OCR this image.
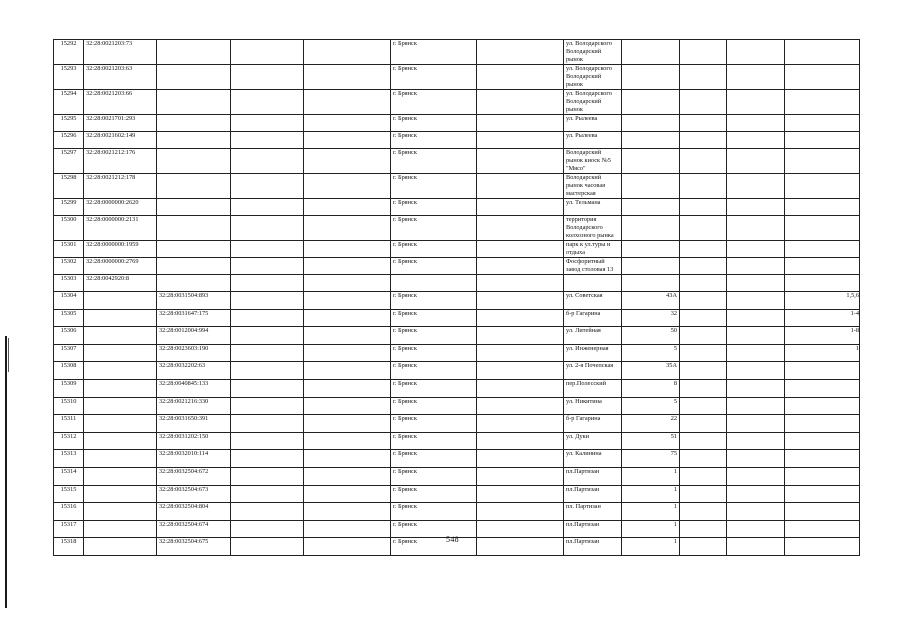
15292	32:28:0021203:73				г. Брянск		ул. Володарского Володарский рынок				
15293	32:28:0021203:63				г. Брянск		ул. Володарского Володарский рынок				
15294	32:28:0021203:66				г. Брянск		ул. Володарского Володарский рынок				
15295	32:28:0021701:293				г. Брянск		ул. Рылеева				
15296	32:28:0021602:149				г. Брянск		ул. Рылеева				
15297	32:28:0021212:176				г. Брянск		Володарский рынок киоск №5 "Мясо"				
15298	32:28:0021212:178				г. Брянск		Володарский рынок часовая мастерская				
15299	32:28:0000000:2620				г. Брянск		ул. Тельмана				
15300	32:28:0000000:2131				г. Брянск		территория Володарского колхозного рынка				
15301	32:28:0000000:1959				г. Брянск		парк к ул.туры и отдыха				
15302	32:28:0000000:2769				г. Брянск		Фосфоритный завод столовая 13				
15303	32:28:0042920:8										
15304		32:28:0031504:893			г. Брянск		ул. Советская	43А			1,5,6
15305		32:28:0031647:175			г. Брянск		б-р Гагарина	32			1-4
15306		32:28:0012004:994			г. Брянск		ул. Литейная	50			1-8
15307		32:28:0023603:190			г. Брянск		ул. Инженерная	5			1
15308		32:28:0032202:63			г. Брянск		ул. 2-я Почепская	35А			
15309		32:28:0040845:133			г. Брянск		пер.Полесский	8			
15310		32:28:0021216:330			г. Брянск		ул. Никитина	5			
15311		32:28:0031650:391			г. Брянск		б-р Гагарина	22			
15312		32:28:0031202:150			г. Брянск		ул. Дуки	51			
15313		32:28:0032010:114			г. Брянск		ул. Калинина	75			
15314		32:28:0032504:672			г. Брянск		пл.Партизан	1			
15315		32:28:0032504:673			г. Брянск		пл.Партизан	1			
15316		32:28:0032504:804			г. Брянск		пл. Партизан	1			
15317		32:28:0032504:674			г. Брянск		пл.Партизан	1			
15318		32:28:0032504:675			г. Брянск		пл.Партизан	1			
548
